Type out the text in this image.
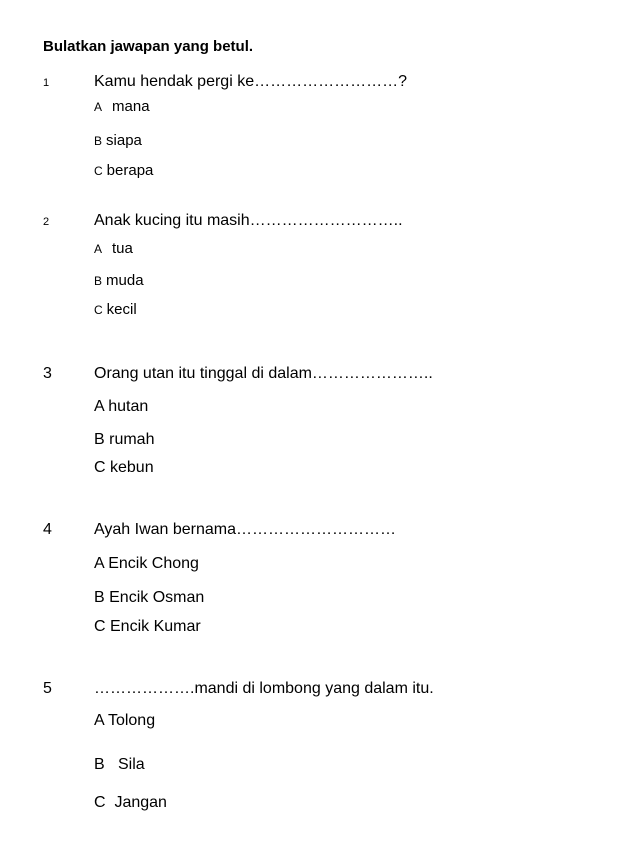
Bulatkan jawapan yang betul.
1	Kamu hendak pergi ke………………………?
A mana
B siapa
C berapa
2	Anak kucing itu masih………………………..
A tua
B muda
C kecil
3	Orang utan itu tinggal di dalam…………………..
A hutan
B rumah
C kebun
4	Ayah Iwan bernama…………………………
A Encik Chong
B Encik Osman
C Encik Kumar
5	……………….mandi di lombong yang dalam itu.
A Tolong
B   Sila
C  Jangan
